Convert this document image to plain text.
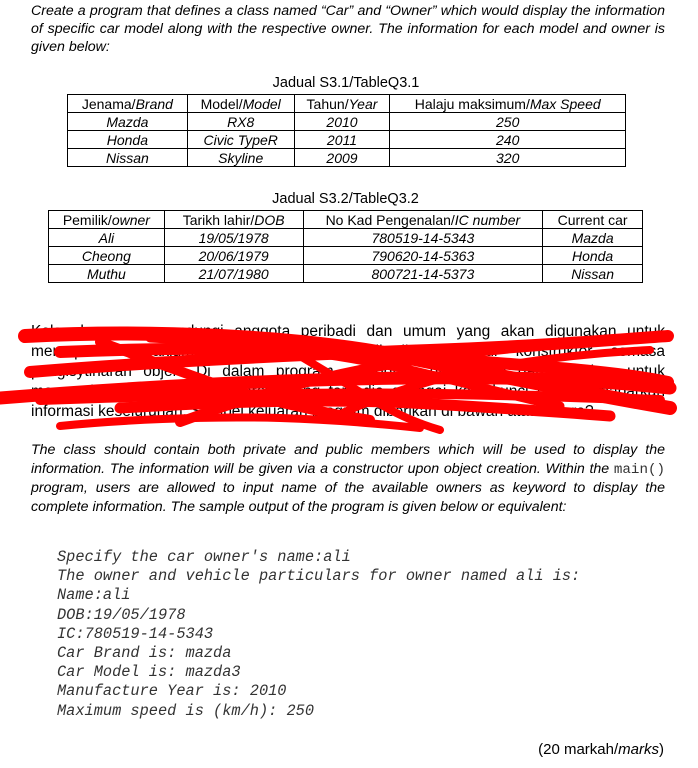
Create a program that defines a class named “Car” and “Owner” which would display the information of specific car model along with the respective owner. The information for each model and owner is given below:
Jadual S3.1/TableQ3.1
Jenama/Brand	Model/Model	Tahun/Year	Halaju maksimum/Max Speed
Mazda	RX8	2010	250
Honda	Civic TypeR	2011	240
Nissan	Skyline	2009	320
Jadual S3.2/TableQ3.2
Pemilik/owner	Tarikh lahir/DOB	No Kad Pengenalan/IC number	Current car
Ali	19/05/1978	780519-14-5343	Mazda
Cheong	20/06/1979	790620-14-5363	Honda
Muthu	21/07/1980	800721-14-5373	Nissan
Kelas harus mengandungi anggota peribadi dan umum yang akan digunakan untuk memaparkan maklumat. Maklumat akan diberikan melalui konstruktor semasa pengisytiharan objek. Di dalam program, pengguna dibenarkan dan diizinkan untuk memasukkan nama pemilik kereta yang tersedia sebagai kata kunci bagi memaparkan informasi keseluruhan. Sampel keluaran program diberikan di bawah atau setara?
The class should contain both private and public members which will be used to display the information. The information will be given via a constructor upon object creation. Within the main() program, users are allowed to input name of the available owners as keyword to display the complete information. The sample output of the program is given below or equivalent:
Specify the car owner's name:ali
The owner and vehicle particulars for owner named ali is:
Name:ali
DOB:19/05/1978
IC:780519-14-5343
Car Brand is: mazda
Car Model is: mazda3
Manufacture Year is: 2010
Maximum speed is (km/h): 250
(20 markah/marks)
